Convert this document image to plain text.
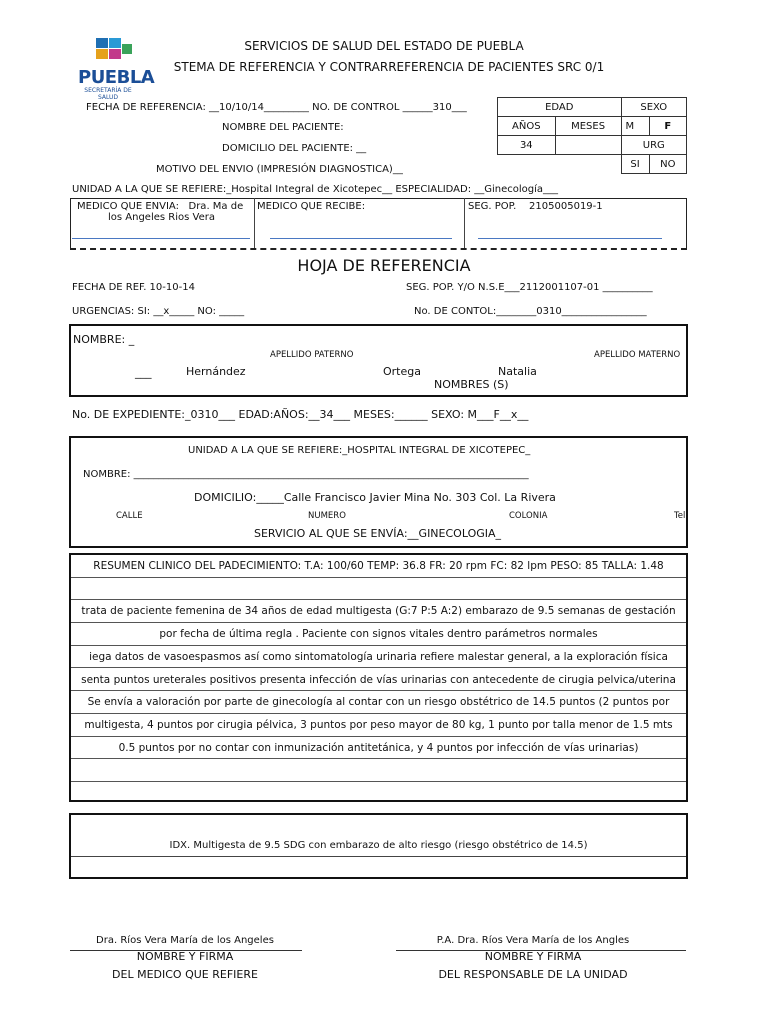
PUEBLA
SECRETARÍA DE
SALUD
SERVICIOS DE SALUD DEL ESTADO DE PUEBLA
STEMA DE REFERENCIA Y CONTRARREFERENCIA DE PACIENTES SRC 0/1
FECHA DE REFERENCIA: __10/10/14_________ NO. DE CONTROL ______310___
NOMBRE DEL PACIENTE:
DOMICILIO DEL PACIENTE: __
MOTIVO DEL ENVIO (IMPRESIÓN DIAGNOSTICA)__
EDAD		SEXO	
AÑOS	MESES	M	F
34		URG	
		SI	NO
UNIDAD A LA QUE SE REFIERE:_Hospital Integral de Xicotepec__ ESPECIALIDAD: __Ginecología___
MEDICO QUE ENVIA: Dra. Ma de
los Angeles Rios Vera
MEDICO QUE RECIBE:	SEG. POP. 2105005019-1
HOJA DE REFERENCIA
FECHA DE REF. 10-10-14	SEG. POP. Y/O N.S.E___2112001107-01 __________
URGENCIAS: SI: __x_____ NO: _____	No. DE CONTOL:________0310_________________
NOMBRE: _
APELLIDO PATERNO	APELLIDO MATERNO
___	Hernández	Ortega	Natalia
NOMBRES (S)
No. DE EXPEDIENTE:_0310___ EDAD:AÑOS:__34___ MESES:______ SEXO: M___F__x__
UNIDAD A LA QUE SE REFIERE:_HOSPITAL INTEGRAL DE XICOTEPEC_
NOMBRE: _______________________________________________________________________________
DOMICILIO:_____Calle Francisco Javier Mina No. 303 Col. La Rivera
CALLE	NUMERO	COLONIA	Tel
SERVICIO AL QUE SE ENVÍA:__GINECOLOGIA_
RESUMEN CLINICO DEL PADECIMIENTO: T.A: 100/60 TEMP: 36.8 FR: 20 rpm FC: 82 lpm PESO: 85 TALLA: 1.48
trata de paciente femenina de 34 años de edad multigesta (G:7 P:5 A:2) embarazo de 9.5 semanas de gestación
por fecha de última regla . Paciente con signos vitales dentro parámetros normales
iega datos de vasoespasmos así como sintomatología urinaria refiere malestar general, a la exploración física
senta puntos ureterales positivos presenta infección de vías urinarias con antecedente de cirugia pelvica/uterina
Se envía a valoración por parte de ginecología al contar con un riesgo obstétrico de 14.5 puntos (2 puntos por
multigesta, 4 puntos por cirugia pélvica, 3 puntos por peso mayor de 80 kg, 1 punto por talla menor de 1.5 mts
0.5 puntos por no contar con inmunización antitetánica, y 4 puntos por infección de vías urinarias)
IDX. Multigesta de 9.5 SDG con embarazo de alto riesgo (riesgo obstétrico de 14.5)
Dra. Ríos Vera María de los Angeles
NOMBRE Y FIRMA
DEL MEDICO QUE REFIERE
P.A. Dra. Ríos Vera María de los Angles
NOMBRE Y FIRMA
DEL RESPONSABLE DE LA UNIDAD
